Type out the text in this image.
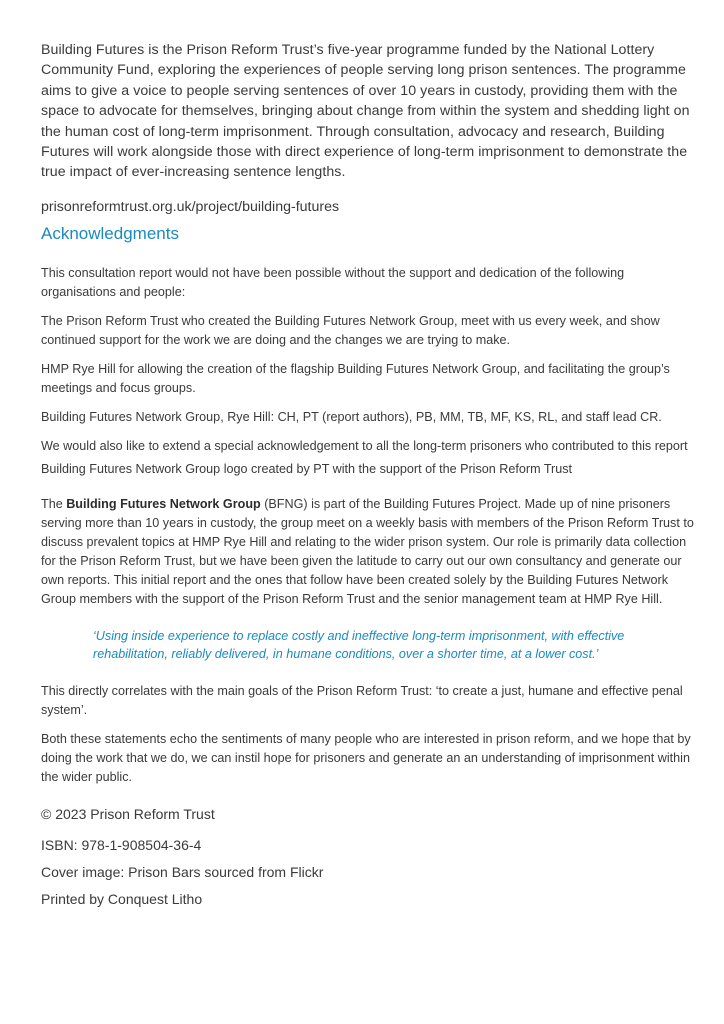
Building Futures is the Prison Reform Trust’s five-year programme funded by the National Lottery Community Fund, exploring the experiences of people serving long prison sentences. The programme aims to give a voice to people serving sentences of over 10 years in custody, providing them with the space to advocate for themselves, bringing about change from within the system and shedding light on the human cost of long-term imprisonment. Through consultation, advocacy and research, Building Futures will work alongside those with direct experience of long-term imprisonment to demonstrate the true impact of ever-increasing sentence lengths.

prisonreformtrust.org.uk/project/building-futures

Acknowledgments

This consultation report would not have been possible without the support and dedication of the following organisations and people:

The Prison Reform Trust who created the Building Futures Network Group, meet with us every week, and show continued support for the work we are doing and the changes we are trying to make.

HMP Rye Hill for allowing the creation of the flagship Building Futures Network Group, and facilitating the group’s meetings and focus groups.

Building Futures Network Group, Rye Hill: CH, PT (report authors), PB, MM, TB, MF, KS, RL, and staff lead CR.

We would also like to extend a special acknowledgement to all the long-term prisoners who contributed to this report

Building Futures Network Group logo created by PT with the support of the Prison Reform Trust

The Building Futures Network Group (BFNG) is part of the Building Futures Project. Made up of nine prisoners serving more than 10 years in custody, the group meet on a weekly basis with members of the Prison Reform Trust to discuss prevalent topics at HMP Rye Hill and relating to the wider prison system. Our role is primarily data collection for the Prison Reform Trust, but we have been given the latitude to carry out our own consultancy and generate our own reports. This initial report and the ones that follow have been created solely by the Building Futures Network Group members with the support of the Prison Reform Trust and the senior management team at HMP Rye Hill.

‘Using inside experience to replace costly and ineffective long-term imprisonment, with effective rehabilitation, reliably delivered, in humane conditions, over a shorter time, at a lower cost.’

This directly correlates with the main goals of the Prison Reform Trust: ‘to create a just, humane and effective penal system’.

Both these statements echo the sentiments of many people who are interested in prison reform, and we hope that by doing the work that we do, we can instil hope for prisoners and generate an an understanding of imprisonment within the wider public.

© 2023 Prison Reform Trust

ISBN: 978-1-908504-36-4

Cover image: Prison Bars sourced from Flickr

Printed by Conquest Litho
